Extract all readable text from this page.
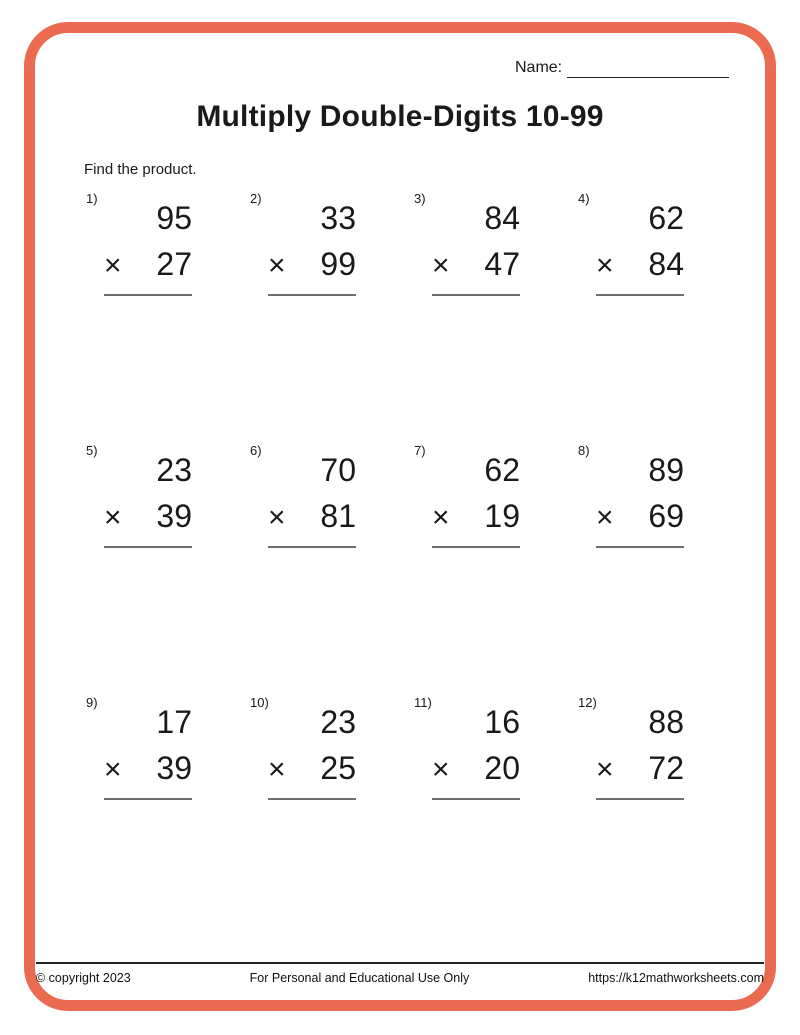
Name:
Multiply Double-Digits 10-99
Find the product.
1)
95
× 27
2)
33
× 99
3)
84
× 47
4)
62
× 84
5)
23
× 39
6)
70
× 81
7)
62
× 19
8)
89
× 69
9)
17
× 39
10)
23
× 25
11)
16
× 20
12)
88
× 72
© copyright 2023	For Personal and Educational Use Only	https://k12mathworksheets.com
